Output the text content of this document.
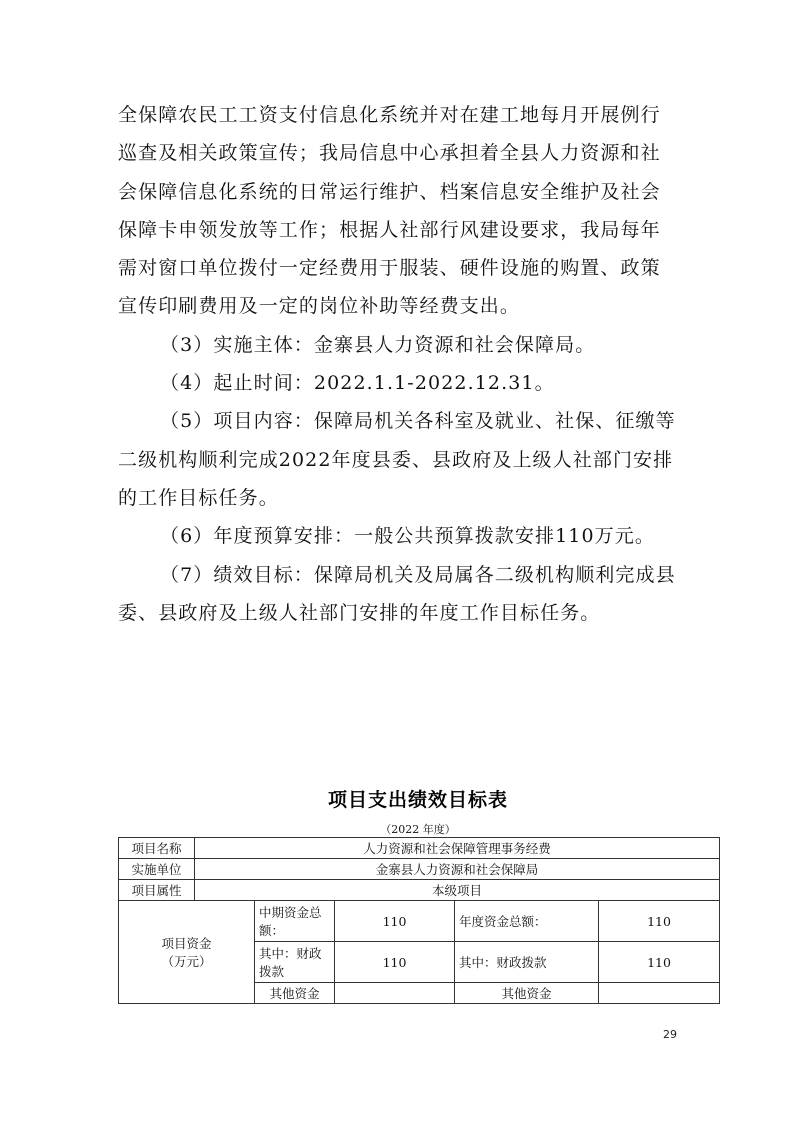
全保障农民工工资支付信息化系统并对在建工地每月开展例行巡查及相关政策宣传；我局信息中心承担着全县人力资源和社会保障信息化系统的日常运行维护、档案信息安全维护及社会保障卡申领发放等工作；根据人社部行风建设要求，我局每年需对窗口单位拨付一定经费用于服装、硬件设施的购置、政策宣传印刷费用及一定的岗位补助等经费支出。

（3）实施主体：金寨县人力资源和社会保障局。

（4）起止时间：2022.1.1-2022.12.31。

（5）项目内容：保障局机关各科室及就业、社保、征缴等二级机构顺利完成2022年度县委、县政府及上级人社部门安排的工作目标任务。

（6）年度预算安排：一般公共预算拨款安排110万元。

（7）绩效目标：保障局机关及局属各二级机构顺利完成县委、县政府及上级人社部门安排的年度工作目标任务。

项目支出绩效目标表
（2022 年度）
项目名称	人力资源和社会保障管理事务经费				
实施单位	金寨县人力资源和社会保障局				
项目属性	本级项目				
项目资金
（万元）		中期资金总额：	110	年度资金总额：	110
		其中：财政拨款	110	其中：财政拨款	110
		其他资金		其他资金	
29
